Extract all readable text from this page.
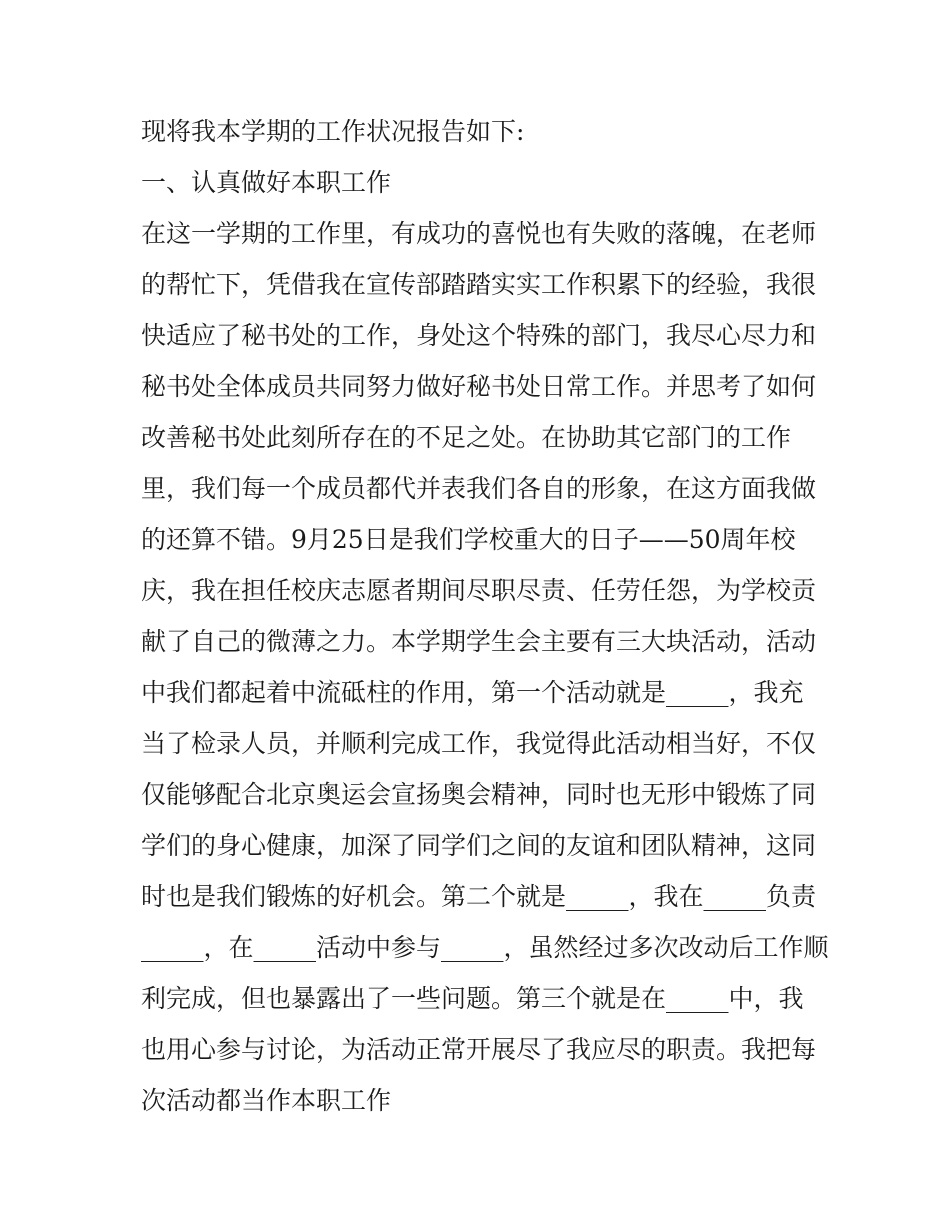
现将我本学期的工作状况报告如下:
一、认真做好本职工作
在这一学期的工作里，有成功的喜悦也有失败的落魄，在老师
的帮忙下，凭借我在宣传部踏踏实实工作积累下的经验，我很
快适应了秘书处的工作，身处这个特殊的部门，我尽心尽力和
秘书处全体成员共同努力做好秘书处日常工作。并思考了如何
改善秘书处此刻所存在的不足之处。在协助其它部门的工作
里，我们每一个成员都代并表我们各自的形象，在这方面我做
的还算不错。9月25日是我们学校重大的日子——50周年校
庆，我在担任校庆志愿者期间尽职尽责、任劳任怨，为学校贡
献了自己的微薄之力。本学期学生会主要有三大块活动，活动
中我们都起着中流砥柱的作用，第一个活动就是_____，我充
当了检录人员，并顺利完成工作，我觉得此活动相当好，不仅
仅能够配合北京奥运会宣扬奥会精神，同时也无形中锻炼了同
学们的身心健康，加深了同学们之间的友谊和团队精神，这同
时也是我们锻炼的好机会。第二个就是_____，我在_____负责
_____，在_____活动中参与_____，虽然经过多次改动后工作顺
利完成，但也暴露出了一些问题。第三个就是在_____中，我
也用心参与讨论，为活动正常开展尽了我应尽的职责。我把每
次活动都当作本职工作
